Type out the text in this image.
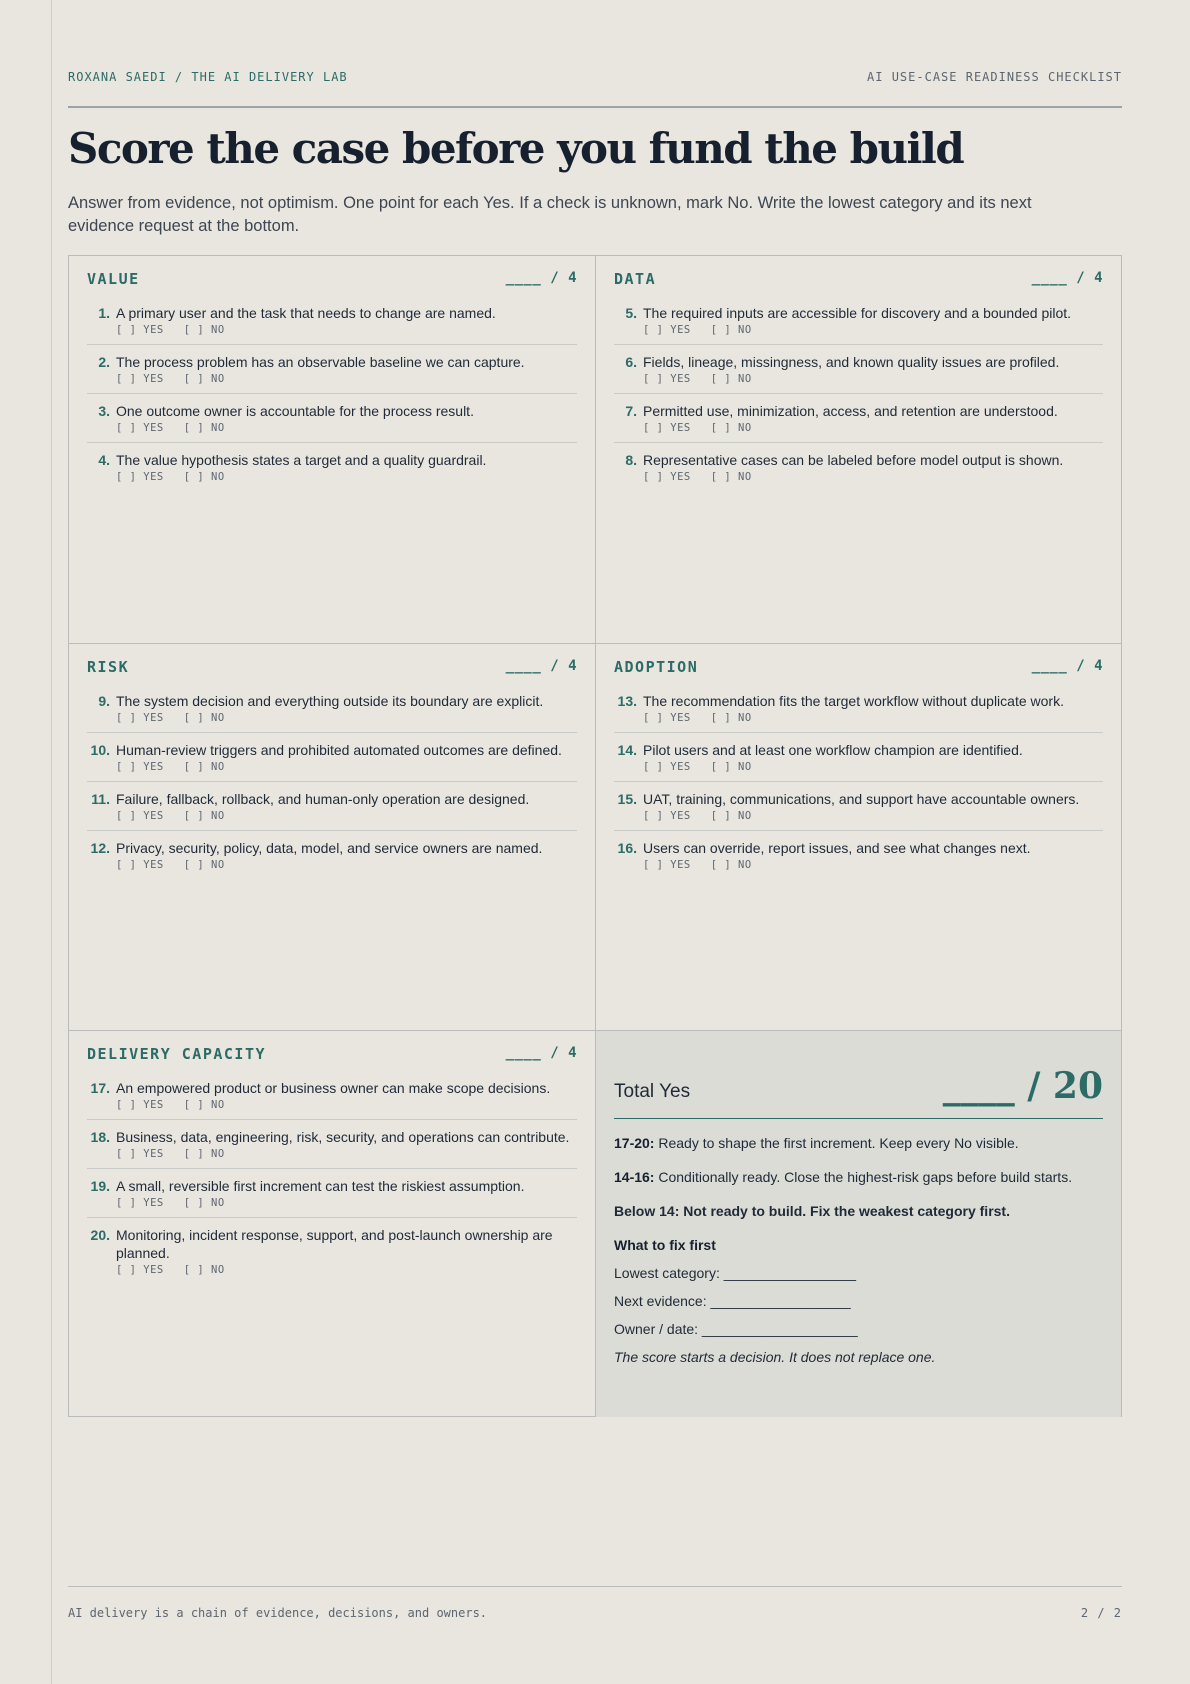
ROXANA SAEDI / THE AI DELIVERY LAB	AI USE-CASE READINESS CHECKLIST
Score the case before you fund the build

Answer from evidence, not optimism. One point for each Yes. If a check is unknown, mark No. Write the lowest category and its next evidence request at the bottom.

VALUE	____ / 4
1. A primary user and the task that needs to change are named.
[ ] YES [ ] NO
2. The process problem has an observable baseline we can capture.
[ ] YES [ ] NO
3. One outcome owner is accountable for the process result.
[ ] YES [ ] NO
4. The value hypothesis states a target and a quality guardrail.
[ ] YES [ ] NO
DATA	____ / 4
5. The required inputs are accessible for discovery and a bounded pilot.
[ ] YES [ ] NO
6. Fields, lineage, missingness, and known quality issues are profiled.
[ ] YES [ ] NO
7. Permitted use, minimization, access, and retention are understood.
[ ] YES [ ] NO
8. Representative cases can be labeled before model output is shown.
[ ] YES [ ] NO
RISK	____ / 4
9. The system decision and everything outside its boundary are explicit.
[ ] YES [ ] NO
10. Human-review triggers and prohibited automated outcomes are defined.
[ ] YES [ ] NO
11. Failure, fallback, rollback, and human-only operation are designed.
[ ] YES [ ] NO
12. Privacy, security, policy, data, model, and service owners are named.
[ ] YES [ ] NO
ADOPTION	____ / 4
13. The recommendation fits the target workflow without duplicate work.
[ ] YES [ ] NO
14. Pilot users and at least one workflow champion are identified.
[ ] YES [ ] NO
15. UAT, training, communications, and support have accountable owners.
[ ] YES [ ] NO
16. Users can override, report issues, and see what changes next.
[ ] YES [ ] NO
DELIVERY CAPACITY	____ / 4
17. An empowered product or business owner can make scope decisions.
[ ] YES [ ] NO
18. Business, data, engineering, risk, security, and operations can contribute.
[ ] YES [ ] NO
19. A small, reversible first increment can test the riskiest assumption.
[ ] YES [ ] NO
20. Monitoring, incident response, support, and post-launch ownership are planned.
[ ] YES [ ] NO
Total Yes	____ / 20

17-20: Ready to shape the first increment. Keep every No visible.

14-16: Conditionally ready. Close the highest-risk gaps before build starts.

Below 14: Not ready to build. Fix the weakest category first.

What to fix first

Lowest category: _________________

Next evidence: __________________

Owner / date: ____________________

The score starts a decision. It does not replace one.

AI delivery is a chain of evidence, decisions, and owners.	2 / 2
